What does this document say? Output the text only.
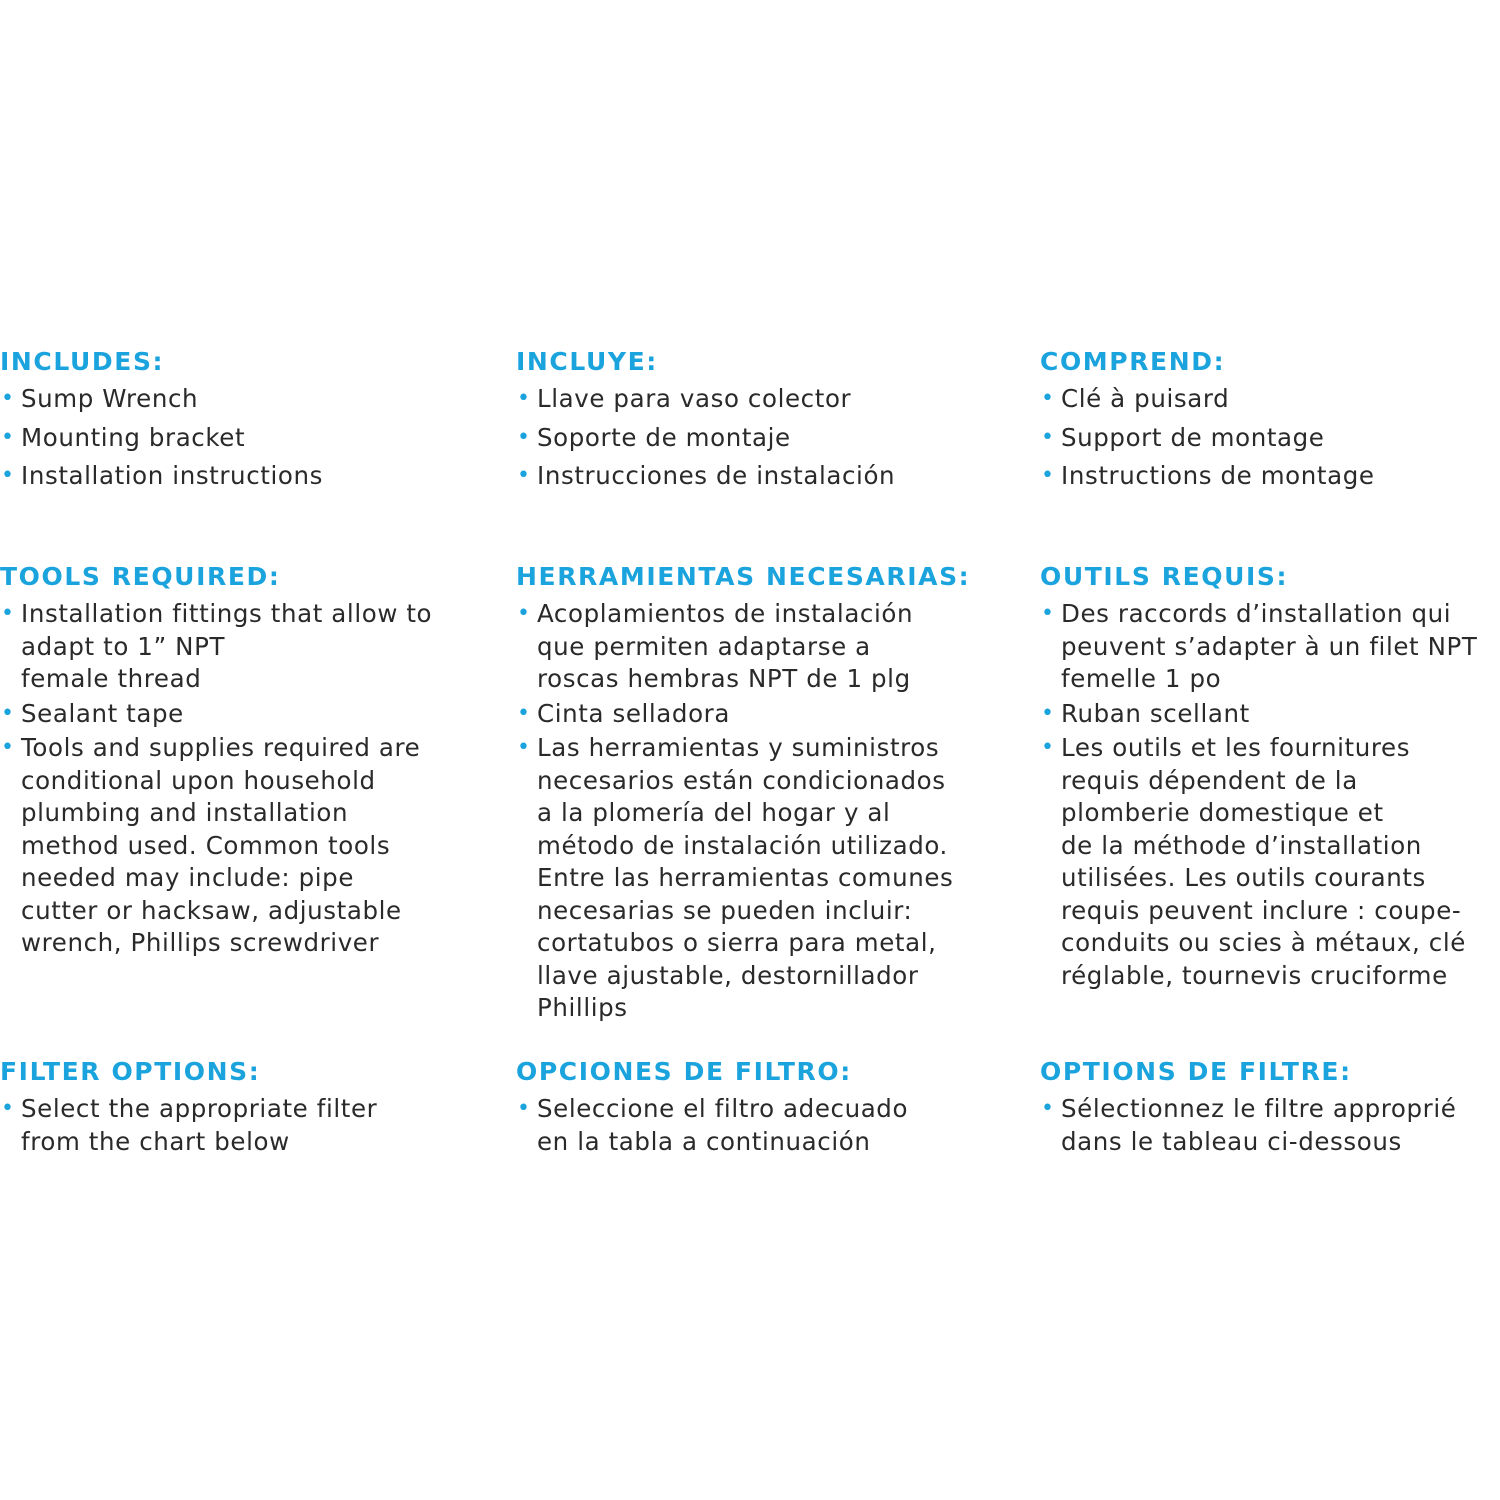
INCLUDES:
• Sump Wrench
• Mounting bracket
• Installation instructions
TOOLS REQUIRED:
• Installation fittings that allow to
adapt to 1” NPT
female thread
• Sealant tape
• Tools and supplies required are
conditional upon household
plumbing and installation
method used. Common tools
needed may include: pipe
cutter or hacksaw, adjustable
wrench, Phillips screwdriver
FILTER OPTIONS:
• Select the appropriate filter
from the chart below
INCLUYE:
• Llave para vaso colector
• Soporte de montaje
• Instrucciones de instalación
HERRAMIENTAS NECESARIAS:
• Acoplamientos de instalación
que permiten adaptarse a
roscas hembras NPT de 1 plg
• Cinta selladora
• Las herramientas y suministros
necesarios están condicionados
a la plomería del hogar y al
método de instalación utilizado.
Entre las herramientas comunes
necesarias se pueden incluir:
cortatubos o sierra para metal,
llave ajustable, destornillador
Phillips
OPCIONES DE FILTRO:
• Seleccione el filtro adecuado
en la tabla a continuación
COMPREND:
• Clé à puisard
• Support de montage
• Instructions de montage
OUTILS REQUIS:
• Des raccords d’installation qui
peuvent s’adapter à un filet NPT
femelle 1 po
• Ruban scellant
• Les outils et les fournitures
requis dépendent de la
plomberie domestique et
de la méthode d’installation
utilisées. Les outils courants
requis peuvent inclure : coupe-
conduits ou scies à métaux, clé
réglable, tournevis cruciforme
OPTIONS DE FILTRE:
• Sélectionnez le filtre approprié
dans le tableau ci-dessous
